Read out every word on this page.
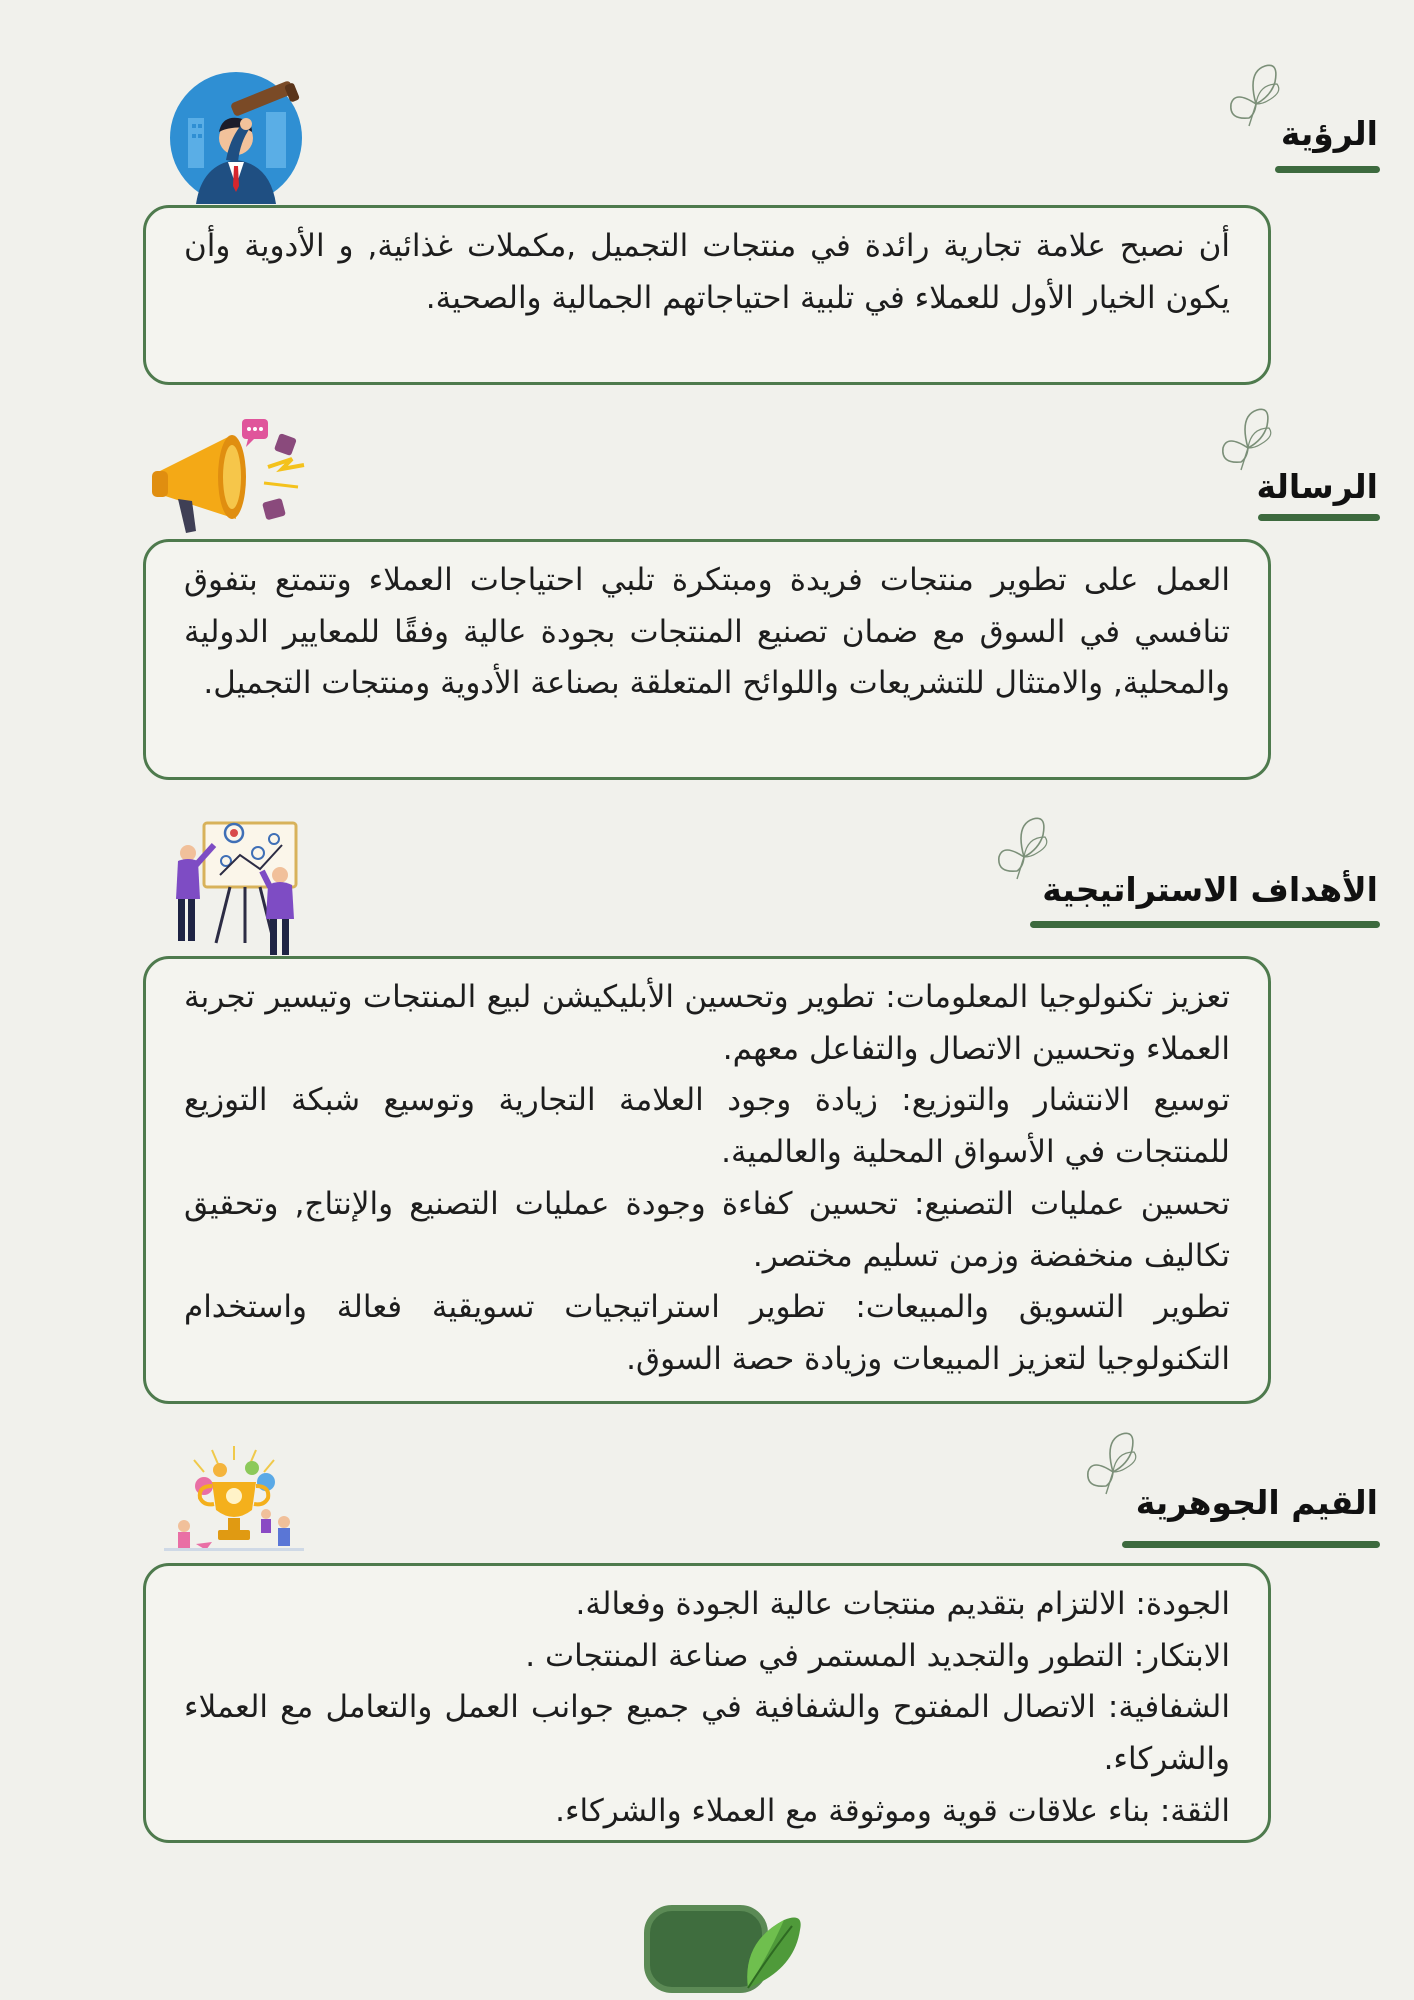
الرؤية

أن نصبح علامة تجارية رائدة في منتجات التجميل ,مكملات غذائية, و الأدوية وأن يكون الخيار الأول للعملاء في تلبية احتياجاتهم الجمالية والصحية.

الرسالة

العمل على تطوير منتجات فريدة ومبتكرة تلبي احتياجات العملاء وتتمتع بتفوق تنافسي في السوق مع ضمان تصنيع المنتجات بجودة عالية وفقًا للمعايير الدولية والمحلية, والامتثال للتشريعات واللوائح المتعلقة بصناعة الأدوية ومنتجات التجميل.

الأهداف الاستراتيجية

تعزيز تكنولوجيا المعلومات: تطوير وتحسين الأبليكيشن لبيع المنتجات وتيسير تجربة العملاء وتحسين الاتصال والتفاعل معهم.

توسيع الانتشار والتوزيع: زيادة وجود العلامة التجارية وتوسيع شبكة التوزيع للمنتجات في الأسواق المحلية والعالمية.

تحسين عمليات التصنيع: تحسين كفاءة وجودة عمليات التصنيع والإنتاج, وتحقيق تكاليف منخفضة وزمن تسليم مختصر.

تطوير التسويق والمبيعات: تطوير استراتيجيات تسويقية فعالة واستخدام التكنولوجيا لتعزيز المبيعات وزيادة حصة السوق.

القيم الجوهرية

الجودة: الالتزام بتقديم منتجات عالية الجودة وفعالة.

الابتكار: التطور والتجديد المستمر في صناعة المنتجات .

الشفافية: الاتصال المفتوح والشفافية في جميع جوانب العمل والتعامل مع العملاء والشركاء.

الثقة: بناء علاقات قوية وموثوقة مع العملاء والشركاء.
